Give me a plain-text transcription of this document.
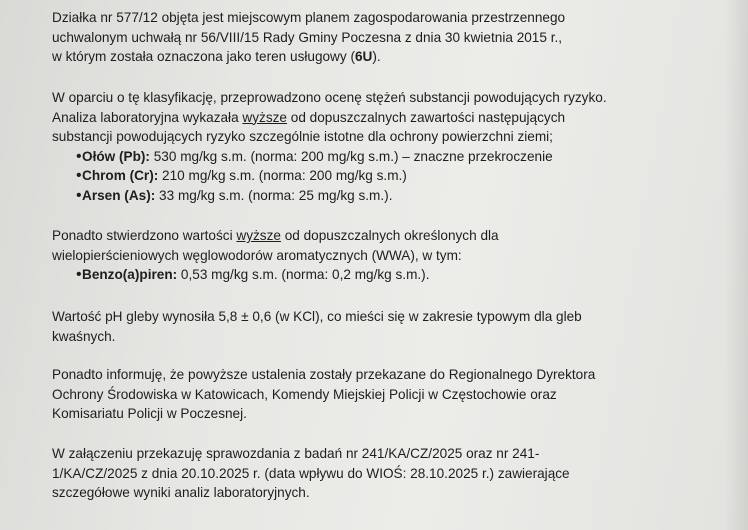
Działka nr 577/12 objęta jest miejscowym planem zagospodarowania przestrzennego
uchwalonym uchwałą nr 56/VIII/15 Rady Gminy Poczesna z dnia 30 kwietnia 2015 r.,
w którym została oznaczona jako teren usługowy (6U).
W oparciu o tę klasyfikację, przeprowadzono ocenę stężeń substancji powodujących ryzyko.
Analiza laboratoryjna wykazała wyższe od dopuszczalnych zawartości następujących
substancji powodujących ryzyko szczególnie istotne dla ochrony powierzchni ziemi;
• Ołów (Pb): 530 mg/kg s.m. (norma: 200 mg/kg s.m.) – znaczne przekroczenie
• Chrom (Cr): 210 mg/kg s.m. (norma: 200 mg/kg s.m.)
• Arsen (As): 33 mg/kg s.m. (norma: 25 mg/kg s.m.).
Ponadto stwierdzono wartości wyższe od dopuszczalnych określonych dla
wielopierścieniowych węglowodorów aromatycznych (WWA), w tym:
• Benzo(a)piren: 0,53 mg/kg s.m. (norma: 0,2 mg/kg s.m.).
Wartość pH gleby wynosiła 5,8 ± 0,6 (w KCl), co mieści się w zakresie typowym dla gleb
kwaśnych.
Ponadto informuję, że powyższe ustalenia zostały przekazane do Regionalnego Dyrektora
Ochrony Środowiska w Katowicach, Komendy Miejskiej Policji w Częstochowie oraz
Komisariatu Policji w Poczesnej.
W załączeniu przekazuję sprawozdania z badań nr 241/KA/CZ/2025 oraz nr 241-
1/KA/CZ/2025 z dnia 20.10.2025 r. (data wpływu do WIOŚ: 28.10.2025 r.) zawierające
szczegółowe wyniki analiz laboratoryjnych.
